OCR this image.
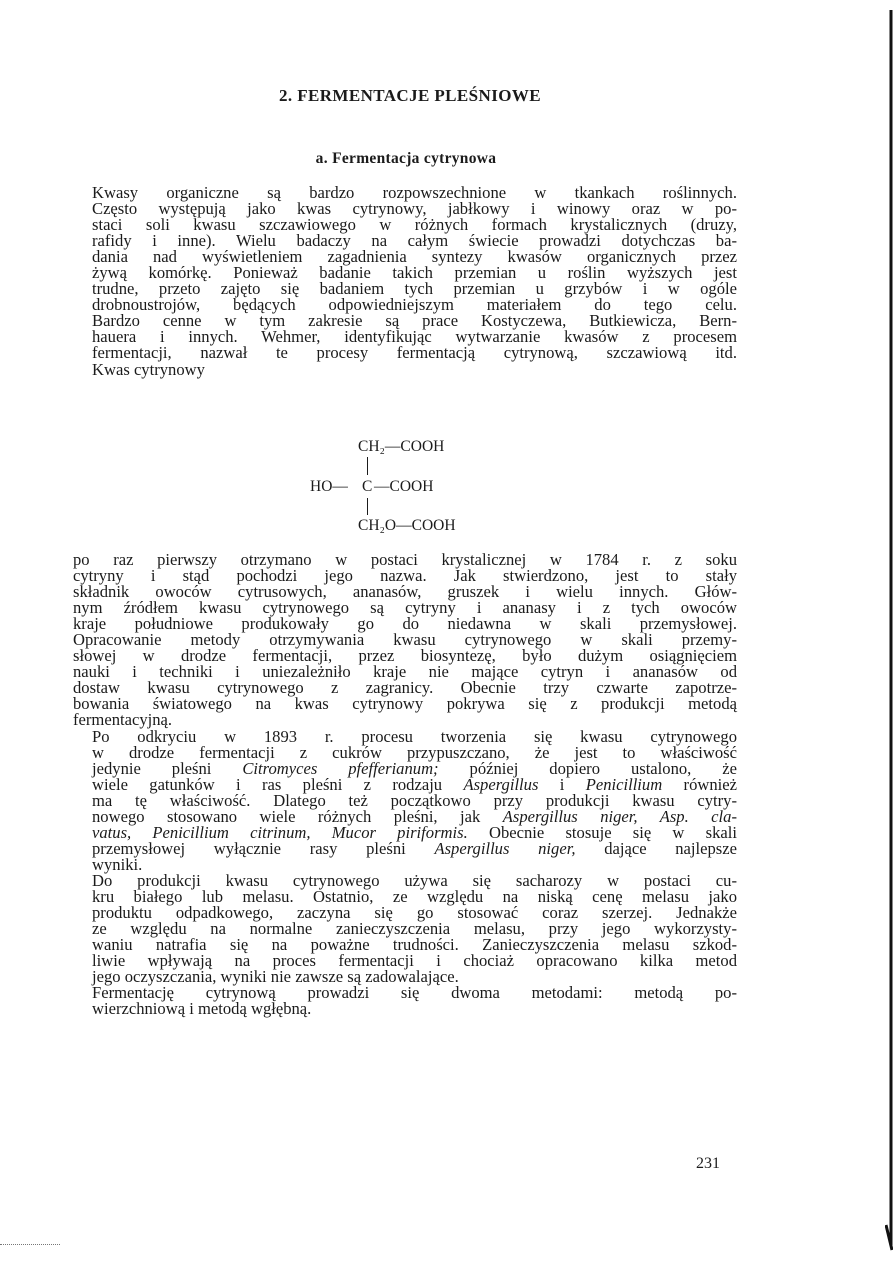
2. FERMENTACJE PLEŚNIOWE
a. Fermentacja cytrynowa

Kwasy organiczne są bardzo rozpowszechnione w tkankach roślinnych.
Często występują jako kwas cytrynowy, jabłkowy i winowy oraz w po-
staci soli kwasu szczawiowego w różnych formach krystalicznych (druzy,
rafidy i inne). Wielu badaczy na całym świecie prowadzi dotychczas ba-
dania nad wyświetleniem zagadnienia syntezy kwasów organicznych przez
żywą komórkę. Ponieważ badanie takich przemian u roślin wyższych jest
trudne, przeto zajęto się badaniem tych przemian u grzybów i w ogóle
drobnoustrojów, będących odpowiedniejszym materiałem do tego celu.
Bardzo cenne w tym zakresie są prace Kostyczewa, Butkiewicza, Bern-
hauera i innych. Wehmer, identyfikując wytwarzanie kwasów z procesem
fermentacji, nazwał te procesy fermentacją cytrynową, szczawiową itd.
Kwas cytrynowy

CH₂—COOH
HO— C —COOH
CH₂O—COOH

po raz pierwszy otrzymano w postaci krystalicznej w 1784 r. z soku
cytryny i stąd pochodzi jego nazwa. Jak stwierdzono, jest to stały
składnik owoców cytrusowych, ananasów, gruszek i wielu innych. Głów-
nym źródłem kwasu cytrynowego są cytryny i ananasy i z tych owoców
kraje południowe produkowały go do niedawna w skali przemysłowej.
Opracowanie metody otrzymywania kwasu cytrynowego w skali przemy-
słowej w drodze fermentacji, przez biosyntezę, było dużym osiągnięciem
nauki i techniki i uniezależniło kraje nie mające cytryn i ananasów od
dostaw kwasu cytrynowego z zagranicy. Obecnie trzy czwarte zapotrze-
bowania światowego na kwas cytrynowy pokrywa się z produkcji metodą
fermentacyjną.

Po odkryciu w 1893 r. procesu tworzenia się kwasu cytrynowego
w drodze fermentacji z cukrów przypuszczano, że jest to właściwość
jedynie pleśni Citromyces pfefferianum; później dopiero ustalono, że
wiele gatunków i ras pleśni z rodzaju Aspergillus i Penicillium również
ma tę właściwość. Dlatego też początkowo przy produkcji kwasu cytry-
nowego stosowano wiele różnych pleśni, jak Aspergillus niger, Asp. cla-
vatus, Penicillium citrinum, Mucor piriformis. Obecnie stosuje się w skali
przemysłowej wyłącznie rasy pleśni Aspergillus niger, dające najlepsze
wyniki.

Do produkcji kwasu cytrynowego używa się sacharozy w postaci cu-
kru białego lub melasu. Ostatnio, ze względu na niską cenę melasu jako
produktu odpadkowego, zaczyna się go stosować coraz szerzej. Jednakże
ze względu na normalne zanieczyszczenia melasu, przy jego wykorzysty-
waniu natrafia się na poważne trudności. Zanieczyszczenia melasu szkod-
liwie wpływają na proces fermentacji i chociaż opracowano kilka metod
jego oczyszczania, wyniki nie zawsze są zadowalające.

Fermentację cytrynową prowadzi się dwoma metodami: metodą po-
wierzchniową i metodą wgłębną.

231
